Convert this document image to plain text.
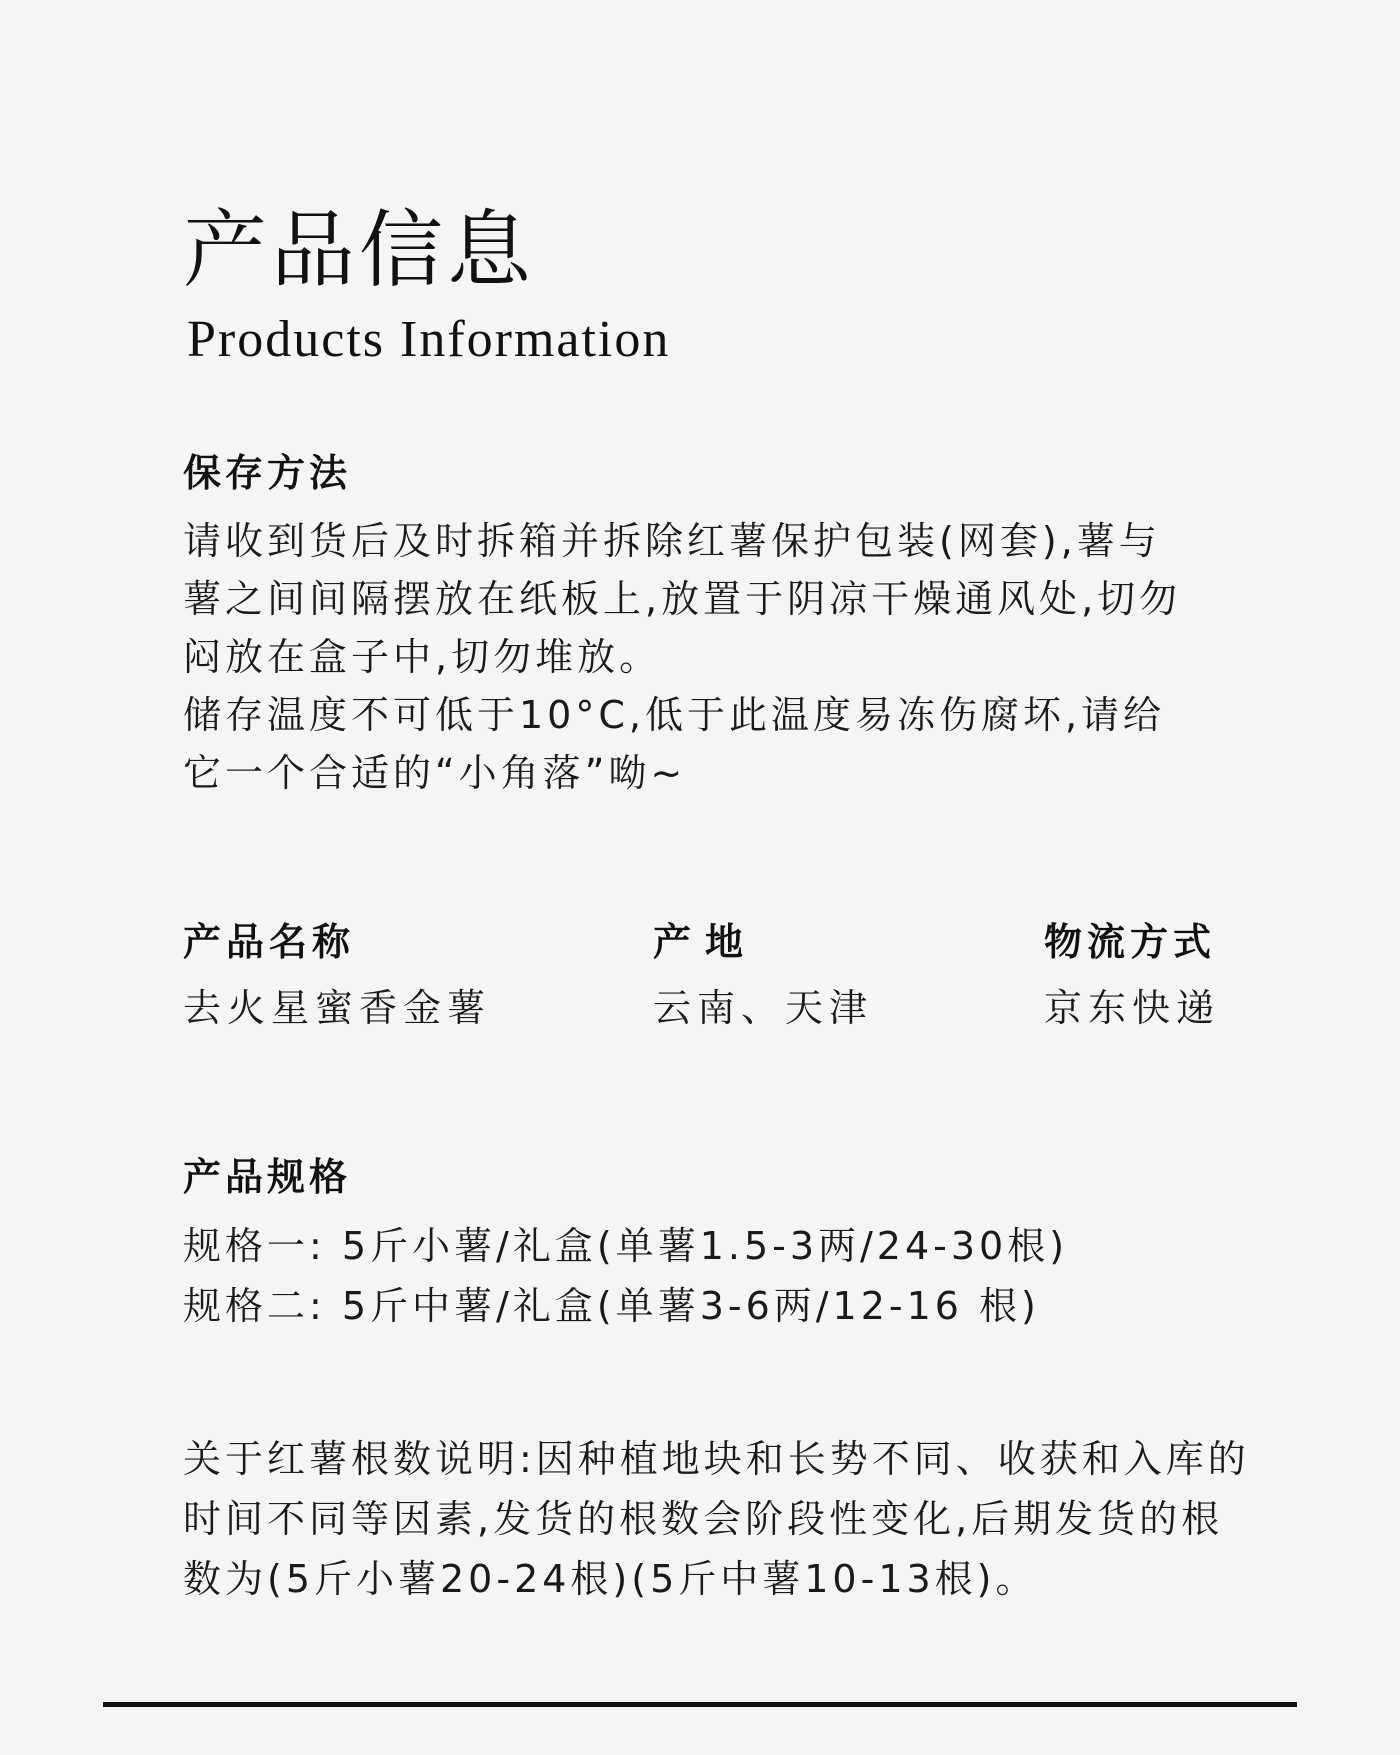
产品信息
Products Information
保存方法
请收到货后及时拆箱并拆除红薯保护包装(网套),薯与
薯之间间隔摆放在纸板上,放置于阴凉干燥通风处,切勿
闷放在盒子中,切勿堆放。
储存温度不可低于10°C,低于此温度易冻伤腐坏,请给
它一个合适的“小角落”呦~
产品名称
去火星蜜香金薯
产地
云南、天津
物流方式
京东快递
产品规格
规格一: 5斤小薯/礼盒(单薯1.5-3两/24-30根)
规格二: 5斤中薯/礼盒(单薯3-6两/12-16 根)
关于红薯根数说明:因种植地块和长势不同、收获和入库的
时间不同等因素,发货的根数会阶段性变化,后期发货的根
数为(5斤小薯20-24根)(5斤中薯10-13根)。
